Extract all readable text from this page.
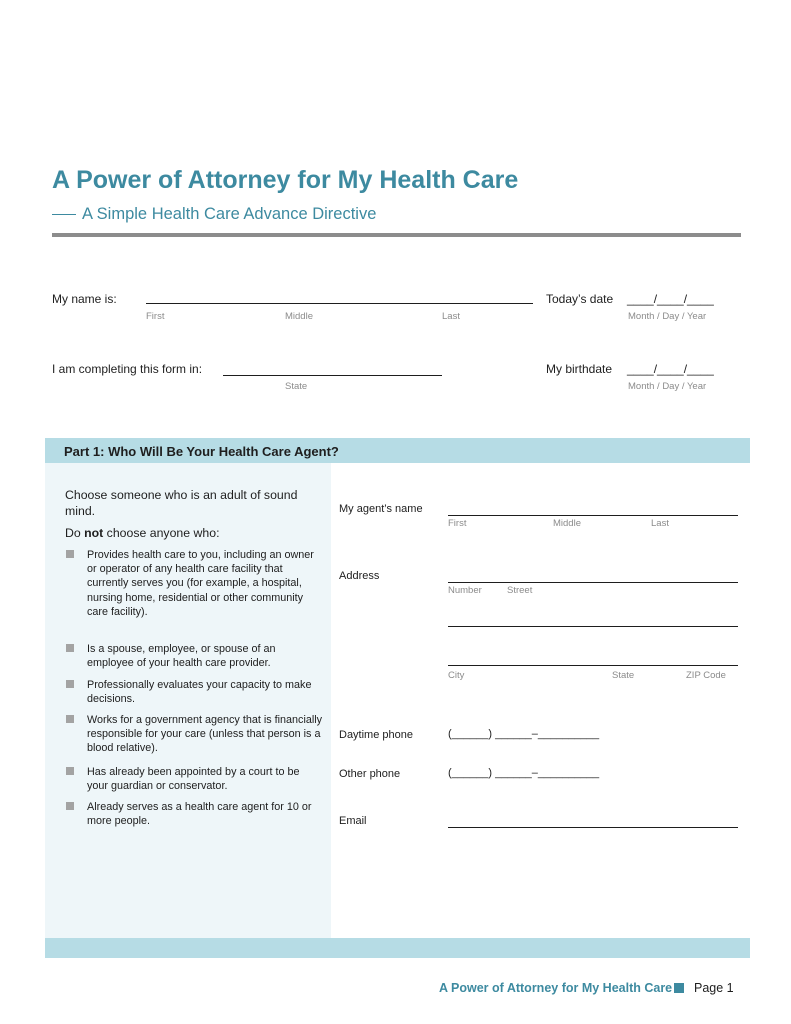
A Power of Attorney for My Health Care
A Simple Health Care Advance Directive
My name is:
First	Middle	Last
Today’s date ____/____/____
Month / Day / Year
I am completing this form in:
State
My birthdate ____/____/____
Month / Day / Year
Part 1: Who Will Be Your Health Care Agent?
Choose someone who is an adult of sound mind.
Do not choose anyone who:
Provides health care to you, including an owner or operator of any health care facility that currently serves you (for example, a hospital, nursing home, residential or other community care facility).
Is a spouse, employee, or spouse of an employee of your health care provider.
Professionally evaluates your capacity to make decisions.
Works for a government agency that is financially responsible for your care (unless that person is a blood relative).
Has already been appointed by a court to be your guardian or conservator.
Already serves as a health care agent for 10 or more people.
My agent’s name
First	Middle	Last
Address
Number	Street
City	State	ZIP Code
Daytime phone	(______) ______–__________
Other phone	(______) ______–__________
Email
A Power of Attorney for My Health Care Page 1
